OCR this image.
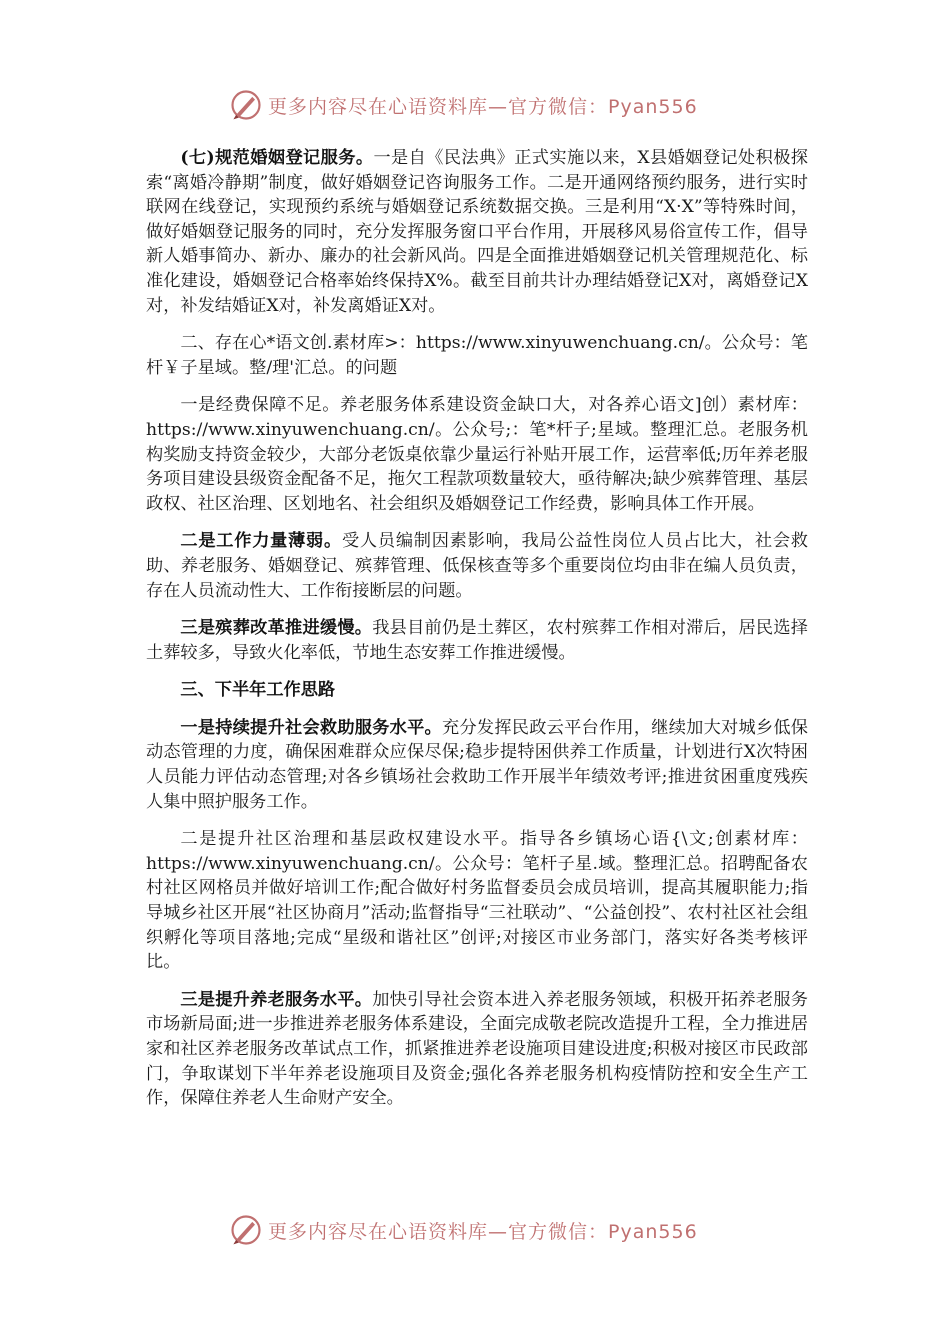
更多内容尽在心语资料库—官方微信：Pyan556

(七)规范婚姻登记服务。一是自《民法典》正式实施以来，X县婚姻登记处积极探索“离婚冷静期”制度，做好婚姻登记咨询服务工作。二是开通网络预约服务，进行实时联网在线登记，实现预约系统与婚姻登记系统数据交换。三是利用“X·X”等特殊时间，做好婚姻登记服务的同时，充分发挥服务窗口平台作用，开展移风易俗宣传工作，倡导新人婚事简办、新办、廉办的社会新风尚。四是全面推进婚姻登记机关管理规范化、标准化建设，婚姻登记合格率始终保持X%。截至目前共计办理结婚登记X对，离婚登记X对，补发结婚证X对，补发离婚证X对。

二、存在心*语文创.素材库>：https://www.xinyuwenchuang.cn/。公众号：笔杆￥子星域。整/理'汇总。的问题

一是经费保障不足。养老服务体系建设资金缺口大，对各养心语文]创）素材库：https://www.xinyuwenchuang.cn/。公众号;：笔*杆子;星域。整理汇总。老服务机构奖励支持资金较少，大部分老饭桌依靠少量运行补贴开展工作，运营率低;历年养老服务项目建设县级资金配备不足，拖欠工程款项数量较大，亟待解决;缺少殡葬管理、基层政权、社区治理、区划地名、社会组织及婚姻登记工作经费，影响具体工作开展。

二是工作力量薄弱。受人员编制因素影响，我局公益性岗位人员占比大，社会救助、养老服务、婚姻登记、殡葬管理、低保核查等多个重要岗位均由非在编人员负责，存在人员流动性大、工作衔接断层的问题。

三是殡葬改革推进缓慢。我县目前仍是土葬区，农村殡葬工作相对滞后，居民选择土葬较多，导致火化率低，节地生态安葬工作推进缓慢。

三、下半年工作思路

一是持续提升社会救助服务水平。充分发挥民政云平台作用，继续加大对城乡低保动态管理的力度，确保困难群众应保尽保;稳步提特困供养工作质量，计划进行X次特困人员能力评估动态管理;对各乡镇场社会救助工作开展半年绩效考评;推进贫困重度残疾人集中照护服务工作。

二是提升社区治理和基层政权建设水平。指导各乡镇场心语{\文;创素材库：https://www.xinyuwenchuang.cn/。公众号：笔杆子星.域。整理汇总。招聘配备农村社区网格员并做好培训工作;配合做好村务监督委员会成员培训，提高其履职能力;指导城乡社区开展“社区协商月”活动;监督指导“三社联动”、“公益创投”、农村社区社会组织孵化等项目落地;完成“星级和谐社区”创评;对接区市业务部门，落实好各类考核评比。

三是提升养老服务水平。加快引导社会资本进入养老服务领域，积极开拓养老服务市场新局面;进一步推进养老服务体系建设，全面完成敬老院改造提升工程，全力推进居家和社区养老服务改革试点工作，抓紧推进养老设施项目建设进度;积极对接区市民政部门，争取谋划下半年养老设施项目及资金;强化各养老服务机构疫情防控和安全生产工作，保障住养老人生命财产安全。

更多内容尽在心语资料库—官方微信：Pyan556
